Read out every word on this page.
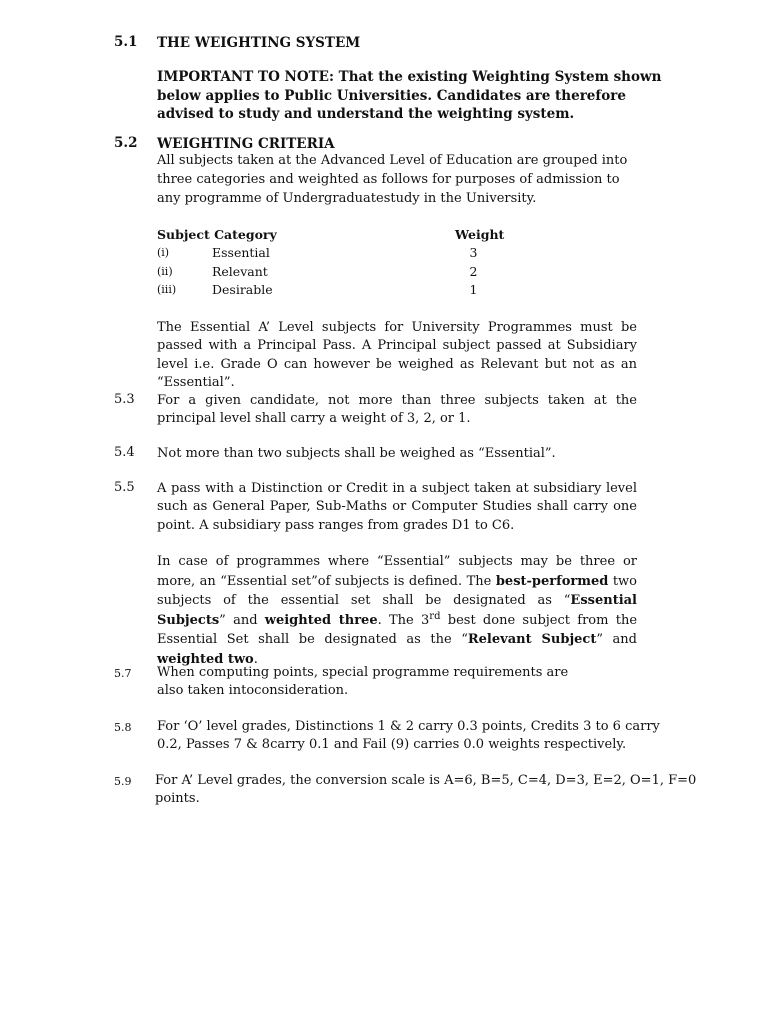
5.1 THE WEIGHTING SYSTEM
IMPORTANT TO NOTE: That the existing Weighting System shown below applies to Public Universities. Candidates are therefore advised to study and understand the weighting system.
5.2 WEIGHTING CRITERIA
All subjects taken at the Advanced Level of Education are grouped into
three categories and weighted as follows for purposes of admission to
any programme of Undergraduatestudy in the University.
Subject Category	Weight
(i)	Essential	3
(ii)	Relevant	2
(iii)	Desirable	1
The Essential A’ Level subjects for University Programmes must be passed with a Principal Pass. A Principal subject passed at Subsidiary level i.e. Grade O can however be weighed as Relevant but not as an “Essential”.
5.3 For a given candidate, not more than three subjects taken at the principal level shall carry a weight of 3, 2, or 1.
5.4 Not more than two subjects shall be weighed as “Essential”.
5.5 A pass with a Distinction or Credit in a subject taken at subsidiary level such as General Paper, Sub-Maths or Computer Studies shall carry one point. A subsidiary pass ranges from grades D1 to C6.
In case of programmes where “Essential” subjects may be three or more, an “Essential set”of subjects is defined. The best-performed two subjects of the essential set shall be designated as “Essential Subjects” and weighted three. The 3rd best done subject from the Essential Set shall be designated as the “Relevant Subject” and weighted two.
5.7 When computing points, special programme requirements are
also taken intoconsideration.
5.8 For ‘O’ level grades, Distinctions 1 & 2 carry 0.3 points, Credits 3 to 6 carry
0.2, Passes 7 & 8carry 0.1 and Fail (9) carries 0.0 weights respectively.
5.9 For A’ Level grades, the conversion scale is A=6, B=5, C=4, D=3, E=2, O=1, F=0
points.
